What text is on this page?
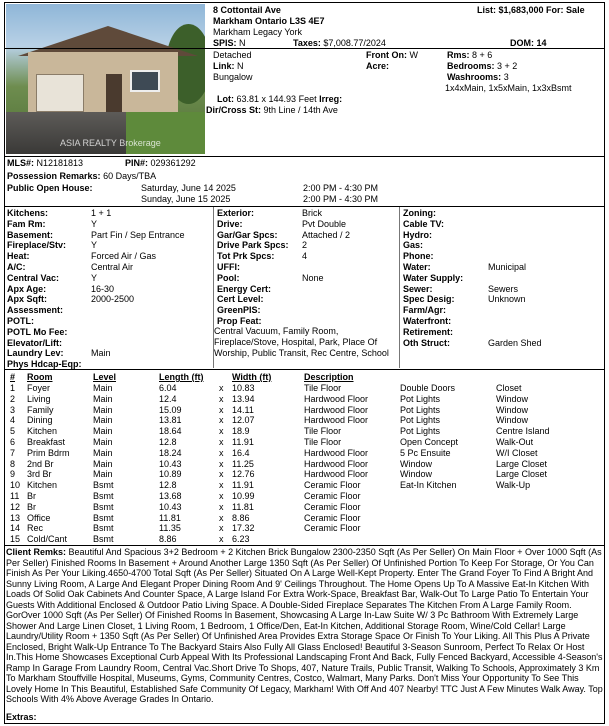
ASIA REALTY Brokerage
8 Cottontail Ave
Markham Ontario L3S 4E7
Markham Legacy York
SPIS: N	Taxes: $7,008.77/2024
List: $1,683,000 For: Sale
DOM: 14
Detached
Link: N
Bungalow
Front On: W
Acre:
Rms: 8 + 6
Bedrooms: 3 + 2
Washrooms: 3
1x4xMain, 1x5xMain, 1x3xBsmt
Lot: 63.81 x 144.93 Feet Irreg:
Dir/Cross St: 9th Line / 14th Ave
MLS#: N12181813	PIN#: 029361292
Possession Remarks: 60 Days/TBA
Public Open House:	Saturday, June 14 2025	2:00 PM - 4:30 PM
Sunday, June 15 2025	2:00 PM - 4:30 PM
Kitchens:	1 + 1
Fam Rm:	Y
Basement:	Part Fin / Sep Entrance
Fireplace/Stv:	Y
Heat:	Forced Air / Gas
A/C:	Central Air
Central Vac:	Y
Apx Age:	16-30
Apx Sqft:	2000-2500
Assessment:
POTL:
POTL Mo Fee:
Elevator/Lift:
Laundry Lev:	Main
Phys Hdcap-Eqp:
Exterior:	Brick
Drive:	Pvt Double
Gar/Gar Spcs:	Attached / 2
Drive Park Spcs: 2
Tot Prk Spcs:	4
UFFI:
Pool:	None
Energy Cert:
Cert Level:
GreenPIS:
Prop Feat:
Zoning:
Cable TV:
Hydro:
Gas:
Phone:
Water:	Municipal
Water Supply:
Sewer:	Sewers
Spec Desig:	Unknown
Farm/Agr:
Waterfront:
Retirement:
Oth Struct:	Garden Shed
Central Vacuum, Family Room,
Fireplace/Stove, Hospital, Park, Place Of
Worship, Public Transit, Rec Centre, School
# Room	Level	Length (ft)	Width (ft)	Description
1 Foyer	Main	6.04	x 10.83	Tile Floor	Double Doors	Closet
2 Living	Main	12.4	x 13.94	Hardwood Floor	Pot Lights	Window
3 Family	Main	15.09	x 14.11	Hardwood Floor	Pot Lights	Window
4 Dining	Main	13.81	x 12.07	Hardwood Floor	Pot Lights	Window
5 Kitchen	Main	18.64	x 18.9	Tile Floor	Pot Lights	Centre Island
6 Breakfast	Main	12.8	x 11.91	Tile Floor	Open Concept	Walk-Out
7 Prim Bdrm	Main	18.24	x 16.4	Hardwood Floor	5 Pc Ensuite	W/I Closet
8 2nd Br	Main	10.43	x 11.25	Hardwood Floor	Window	Large Closet
9 3rd Br	Main	10.89	x 12.76	Hardwood Floor	Window	Large Closet
10 Kitchen	Bsmt	12.8	x 11.91	Ceramic Floor	Eat-In Kitchen	Walk-Up
11 Br	Bsmt	13.68	x 10.99	Ceramic Floor
12 Br	Bsmt	10.43	x 11.81	Ceramic Floor
13 Office	Bsmt	11.81	x 8.86	Ceramic Floor
14 Rec	Bsmt	11.35	x 17.32	Ceramic Floor
15 Cold/Cant	Bsmt	8.86	x 6.23
Client Remks: Beautiful And Spacious 3+2 Bedroom + 2 Kitchen Brick Bungalow 2300-2350 Sqft (As Per Seller) On Main Floor + Over 1000 Sqft (As Per Seller) Finished Rooms In Basement + Around Another Large 1350 Sqft (As Per Seller) Of Unfinished Portion To Keep For Storage, Or You Can Finish As Per Your Liking.4650-4700 Total Sqft (As Per Seller) Situated On A Large Well-Kept Property. Enter The Grand Foyer To Find A Bright And Sunny Living Room, A Large And Elegant Proper Dining Room And 9' Ceilings Throughout. The Home Opens Up To A Massive Eat-In Kitchen With Loads Of Solid Oak Cabinets And Counter Space, A Large Island For Extra Work-Space, Breakfast Bar, Walk-Out To Large Patio To Entertain Your Guests With Additional Enclosed & Outdoor Patio Living Space. A Double-Sided Fireplace Separates The Kitchen From A Large Family Room. GorOver 1000 Sqft (As Per Seller) Of Finished Rooms In Basement, Showcasing A Large In-Law Suite W/ 3 Pc Bathroom With Extremely Large Shower And Large Linen Closet, 1 Living Room, 1 Bedroom, 1 Office/Den, Eat-In Kitchen, Additional Storage Room, Wine/Cold Cellar! Large Laundry/Utility Room + 1350 Sqft (As Per Seller) Of Unfinished Area Provides Extra Storage Space Or Finish To Your Liking. All This Plus A Private Enclosed, Bright Walk-Up Entrance To The Backyard Stairs Also Fully All Glass Enclosed! Beautiful 3-Season Sunroom, Perfect To Relax Or Host In.This Home Showcases Exceptional Curb Appeal With Its Professional Landscaping Front And Back, Fully Fenced Backyard, Accessible 4-Season's Ramp In Garage From Laundry Room, Central Vac.Short Drive To Shops, 407, Nature Trails, Public Transit, Walking To Schools, Approximately 3 Km To Markham Stouffville Hospital, Museums, Gyms, Community Centres, Costco, Walmart, Many Parks. Don't Miss Your Opportunity To See This Lovely Home In This Beautiful, Established Safe Community Of Legacy, Markham! With Off And 407 Nearby! TTC Just A Few Minutes Walk Away. Top Schools With 4% Above Average Grades In Ontario.
Extras:
